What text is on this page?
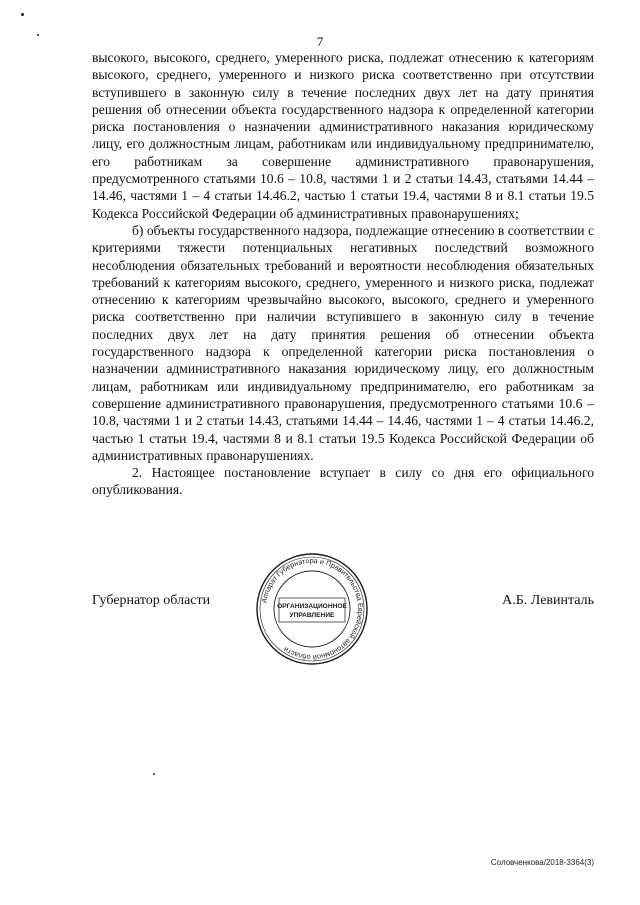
7

высокого, высокого, среднего, умеренного риска, подлежат отнесению к категориям высокого, среднего, умеренного и низкого риска соответственно при отсутствии вступившего в законную силу в течение последних двух лет на дату принятия решения об отнесении объекта государственного надзора к определенной категории риска постановления о назначении административного наказания юридическому лицу, его должностным лицам, работникам или индивидуальному предпринимателю, его работникам за совершение административного правонарушения, предусмотренного статьями 10.6 – 10.8, частями 1 и 2 статьи 14.43, статьями 14.44 – 14.46, частями 1 – 4 статьи 14.46.2, частью 1 статьи 19.4, частями 8 и 8.1 статьи 19.5 Кодекса Российской Федерации об административных правонарушениях;

б) объекты государственного надзора, подлежащие отнесению в соответствии с критериями тяжести потенциальных негативных последствий возможного несоблюдения обязательных требований и вероятности несоблюдения обязательных требований к категориям высокого, среднего, умеренного и низкого риска, подлежат отнесению к категориям чрезвычайно высокого, высокого, среднего и умеренного риска соответственно при наличии вступившего в законную силу в течение последних двух лет на дату принятия решения об отнесении объекта государственного надзора к определенной категории риска постановления о назначении административного наказания юридическому лицу, его должностным лицам, работникам или индивидуальному предпринимателю, его работникам за совершение административного правонарушения, предусмотренного статьями 10.6 – 10.8, частями 1 и 2 статьи 14.43, статьями 14.44 – 14.46, частями 1 – 4 статьи 14.46.2, частью 1 статьи 19.4, частями 8 и 8.1 статьи 19.5 Кодекса Российской Федерации об административных правонарушениях.

2. Настоящее постановление вступает в силу со дня его официального опубликования.

Губернатор области	А.Б. Левинталь
Аппарат Губернатора и Правительства Еврейской автономной области
ОРГАНИЗАЦИОННОЕ
УПРАВЛЕНИЕ
Соловченкова/2018-3364(3)
